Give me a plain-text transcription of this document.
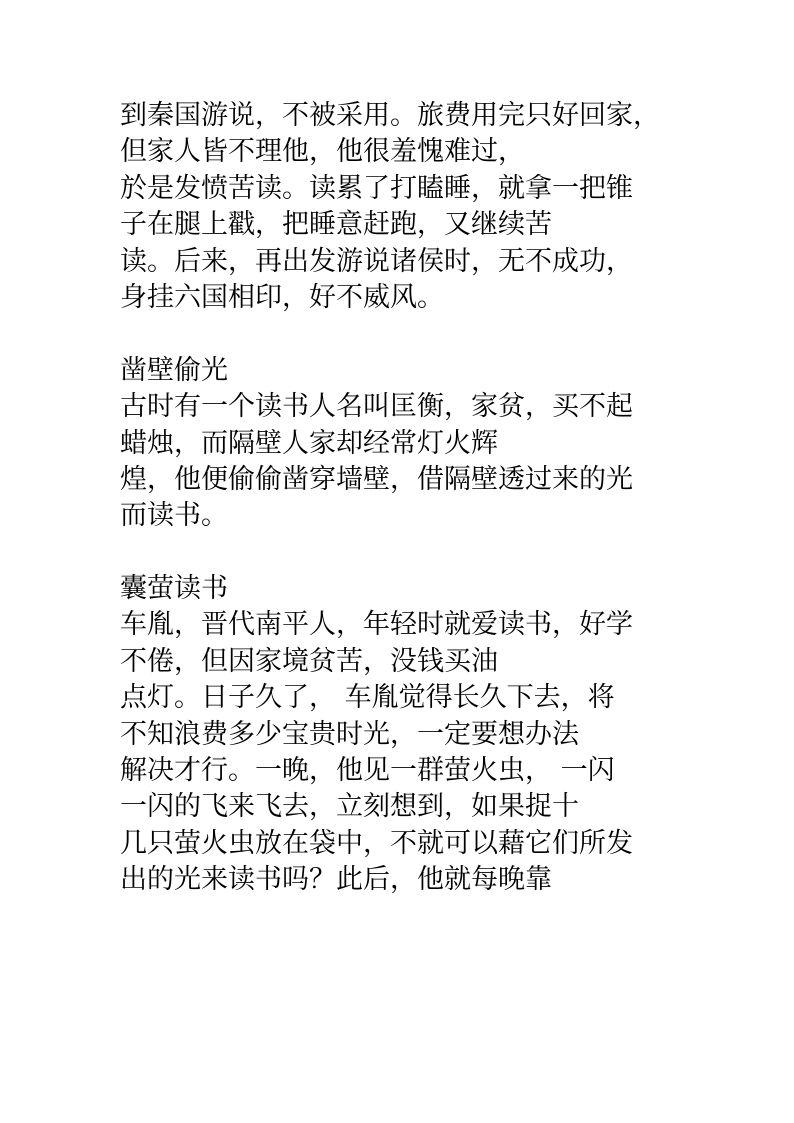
到秦国游说，不被采用。旅费用完只好回家，
但家人皆不理他，他很羞愧难过，
於是发愤苦读。读累了打瞌睡，就拿一把锥
子在腿上戳，把睡意赶跑，又继续苦
读。后来，再出发游说诸侯时，无不成功，
身挂六国相印，好不威风。
凿壁偷光
古时有一个读书人名叫匡衡，家贫，买不起
蜡烛，而隔壁人家却经常灯火辉
煌，他便偷偷凿穿墙壁，借隔壁透过来的光
而读书。
囊萤读书
车胤，晋代南平人，年轻时就爱读书，好学
不倦，但因家境贫苦，没钱买油
点灯。日子久了， 车胤觉得长久下去，将
不知浪费多少宝贵时光，一定要想办法
解决才行。一晚，他见一群萤火虫， 一闪
一闪的飞来飞去，立刻想到，如果捉十
几只萤火虫放在袋中，不就可以藉它们所发
出的光来读书吗？此后，他就每晚靠
